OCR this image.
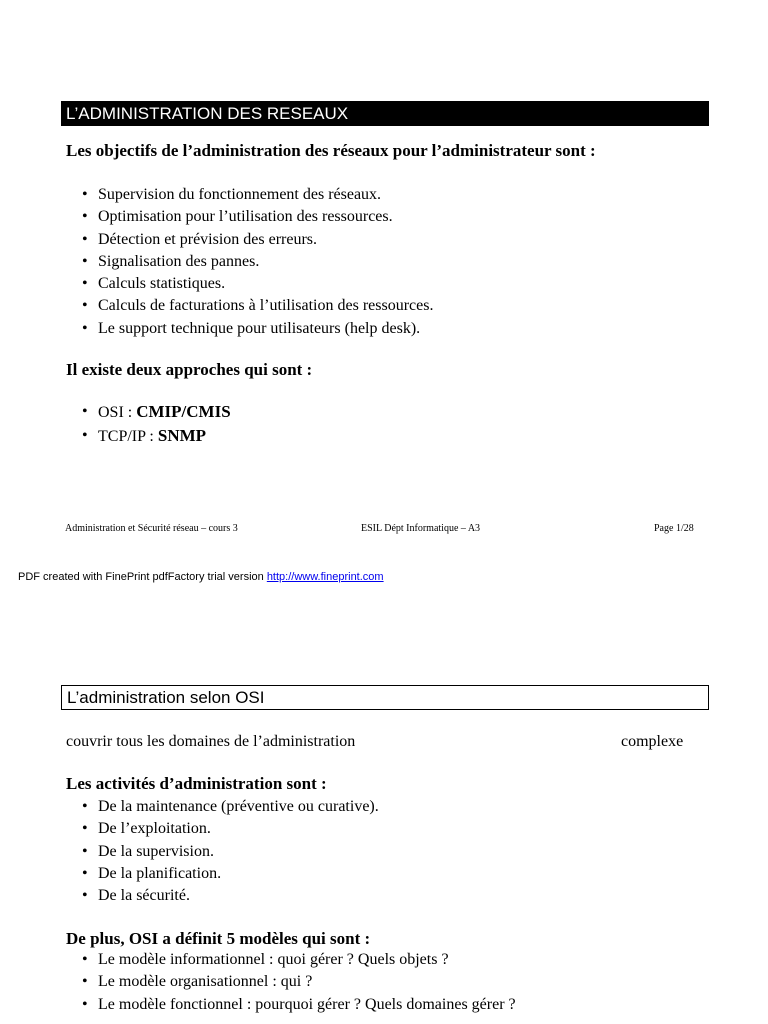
L’ADMINISTRATION DES RESEAUX
Les objectifs de l’administration des réseaux pour l’administrateur sont :
• Supervision du fonctionnement des réseaux.
• Optimisation pour l’utilisation des ressources.
• Détection et prévision des erreurs.
• Signalisation des pannes.
• Calculs statistiques.
• Calculs de facturations à l’utilisation des ressources.
• Le support technique pour utilisateurs (help desk).
Il existe deux approches qui sont :
• OSI : CMIP/CMIS
• TCP/IP : SNMP
Administration et Sécurité réseau – cours 3	ESIL Dépt Informatique – A3	Page 1/28
PDF created with FinePrint pdfFactory trial version http://www.fineprint.com
L’administration selon OSI
couvrir tous les domaines de l’administration	complexe
Les activités d’administration sont :
• De la maintenance (préventive ou curative).
• De l’exploitation.
• De la supervision.
• De la planification.
• De la sécurité.
De plus, OSI a définit 5 modèles qui sont :
• Le modèle informationnel : quoi gérer ? Quels objets ?
• Le modèle organisationnel : qui ?
• Le modèle fonctionnel : pourquoi gérer ? Quels domaines gérer ?
